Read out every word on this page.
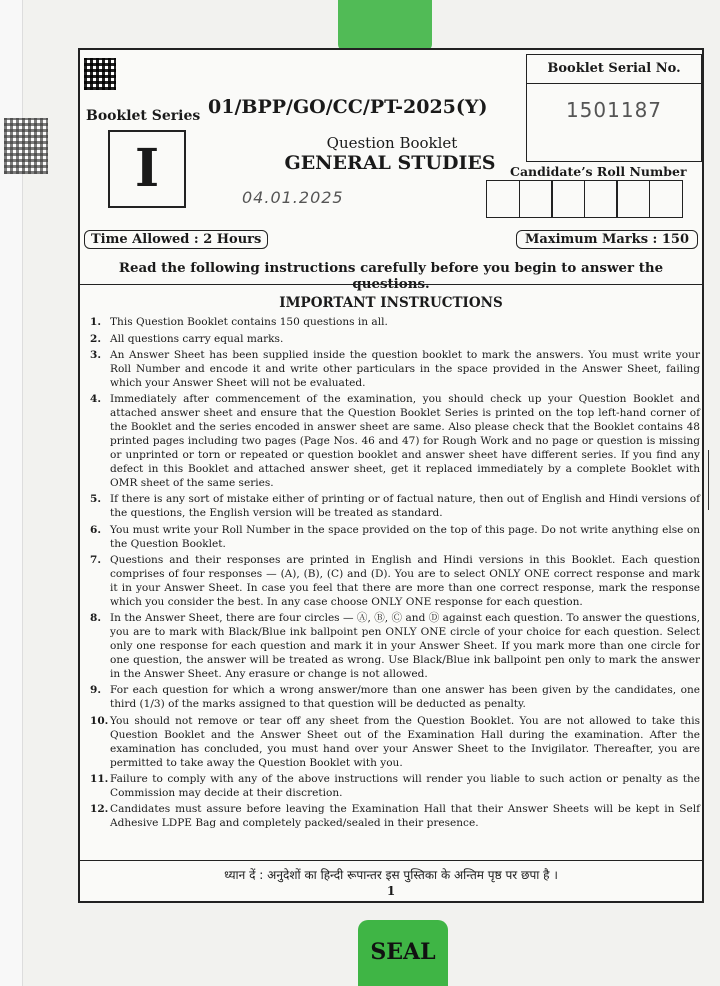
Booklet Serial No.
1501187
Booklet Series 01/BPP/GO/CC/PT-2025(Y)
I	Question Booklet
GENERAL STUDIES
04.01.2025
Candidate’s Roll Number
Time Allowed : 2 Hours	Maximum Marks : 150
Read the following instructions carefully before you begin to answer the questions.
IMPORTANT INSTRUCTIONS
1. This Question Booklet contains 150 questions in all.
2. All questions carry equal marks.
3. An Answer Sheet has been supplied inside the question booklet to mark the answers. You must write your Roll Number and encode it and write other particulars in the space provided in the Answer Sheet, failing which your Answer Sheet will not be evaluated.
4. Immediately after commencement of the examination, you should check up your Question Booklet and attached answer sheet and ensure that the Question Booklet Series is printed on the top left-hand corner of the Booklet and the series encoded in answer sheet are same. Also please check that the Booklet contains 48 printed pages including two pages (Page Nos. 46 and 47) for Rough Work and no page or question is missing or unprinted or torn or repeated or question booklet and answer sheet have different series. If you find any defect in this Booklet and attached answer sheet, get it replaced immediately by a complete Booklet with OMR sheet of the same series.
5. If there is any sort of mistake either of printing or of factual nature, then out of English and Hindi versions of the questions, the English version will be treated as standard.
6. You must write your Roll Number in the space provided on the top of this page. Do not write anything else on the Question Booklet.
7. Questions and their responses are printed in English and Hindi versions in this Booklet. Each question comprises of four responses — (A), (B), (C) and (D). You are to select ONLY ONE correct response and mark it in your Answer Sheet. In case you feel that there are more than one correct response, mark the response which you consider the best. In any case choose ONLY ONE response for each question.
8. In the Answer Sheet, there are four circles — Ⓐ, Ⓑ, Ⓒ and Ⓓ against each question. To answer the questions, you are to mark with Black/Blue ink ballpoint pen ONLY ONE circle of your choice for each question. Select only one response for each question and mark it in your Answer Sheet. If you mark more than one circle for one question, the answer will be treated as wrong. Use Black/Blue ink ballpoint pen only to mark the answer in the Answer Sheet. Any erasure or change is not allowed.
9. For each question for which a wrong answer/more than one answer has been given by the candidates, one third (1/3) of the marks assigned to that question will be deducted as penalty.
10. You should not remove or tear off any sheet from the Question Booklet. You are not allowed to take this Question Booklet and the Answer Sheet out of the Examination Hall during the examination. After the examination has concluded, you must hand over your Answer Sheet to the Invigilator. Thereafter, you are permitted to take away the Question Booklet with you.
11. Failure to comply with any of the above instructions will render you liable to such action or penalty as the Commission may decide at their discretion.
12. Candidates must assure before leaving the Examination Hall that their Answer Sheets will be kept in Self Adhesive LDPE Bag and completely packed/sealed in their presence.
ध्यान दें : अनुदेशों का हिन्दी रूपान्तर इस पुस्तिका के अन्तिम पृष्ठ पर छपा है ।
1
SEAL
